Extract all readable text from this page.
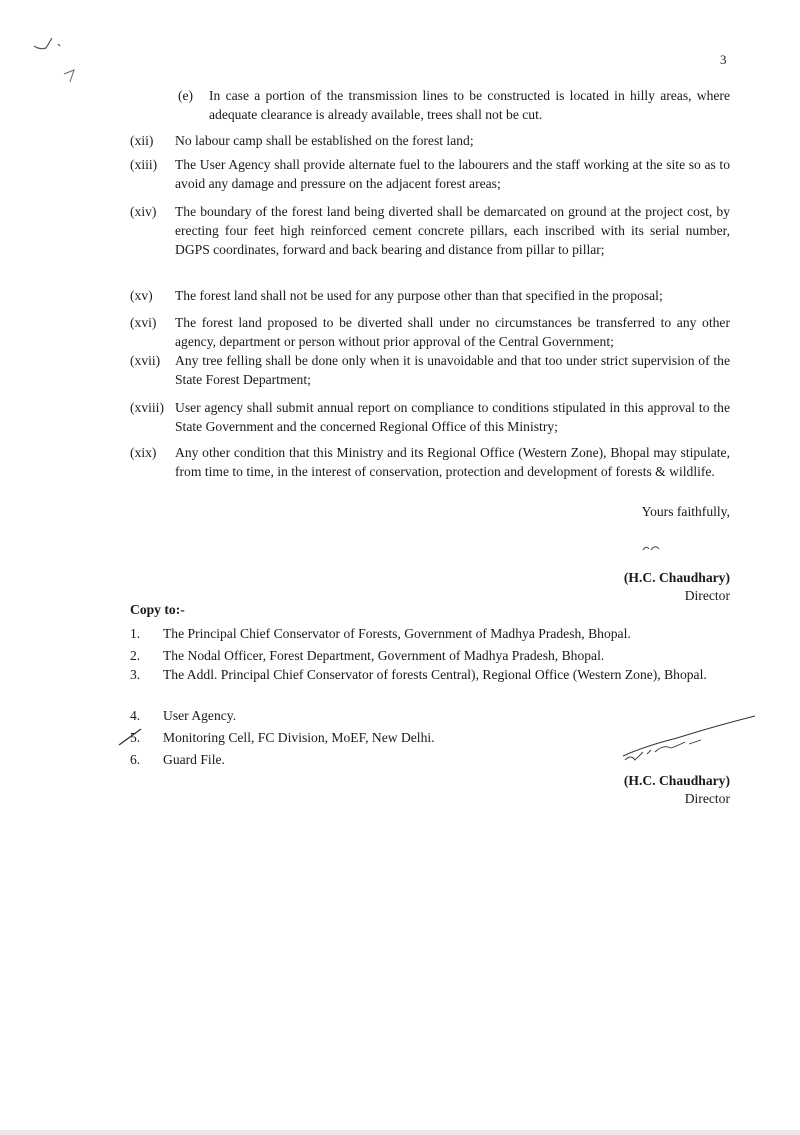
3
(e) In case a portion of the transmission lines to be constructed is located in hilly areas, where adequate clearance is already available, trees shall not be cut.
(xii) No labour camp shall be established on the forest land;
(xiii) The User Agency shall provide alternate fuel to the labourers and the staff working at the site so as to avoid any damage and pressure on the adjacent forest areas;
(xiv) The boundary of the forest land being diverted shall be demarcated on ground at the project cost, by erecting four feet high reinforced cement concrete pillars, each inscribed with its serial number, DGPS coordinates, forward and back bearing and distance from pillar to pillar;
(xv) The forest land shall not be used for any purpose other than that specified in the proposal;
(xvi) The forest land proposed to be diverted shall under no circumstances be transferred to any other agency, department or person without prior approval of the Central Government;
(xvii) Any tree felling shall be done only when it is unavoidable and that too under strict supervision of the State Forest Department;
(xviii) User agency shall submit annual report on compliance to conditions stipulated in this approval to the State Government and the concerned Regional Office of this Ministry;
(xix) Any other condition that this Ministry and its Regional Office (Western Zone), Bhopal may stipulate, from time to time, in the interest of conservation, protection and development of forests & wildlife.
Yours faithfully,
(H.C. Chaudhary)
Director
Copy to:-
1. The Principal Chief Conservator of Forests, Government of Madhya Pradesh, Bhopal.
2. The Nodal Officer, Forest Department, Government of Madhya Pradesh, Bhopal.
3. The Addl. Principal Chief Conservator of forests Central), Regional Office (Western Zone), Bhopal.
4. User Agency.
5. Monitoring Cell, FC Division, MoEF, New Delhi.
6. Guard File.
(H.C. Chaudhary)
Director
